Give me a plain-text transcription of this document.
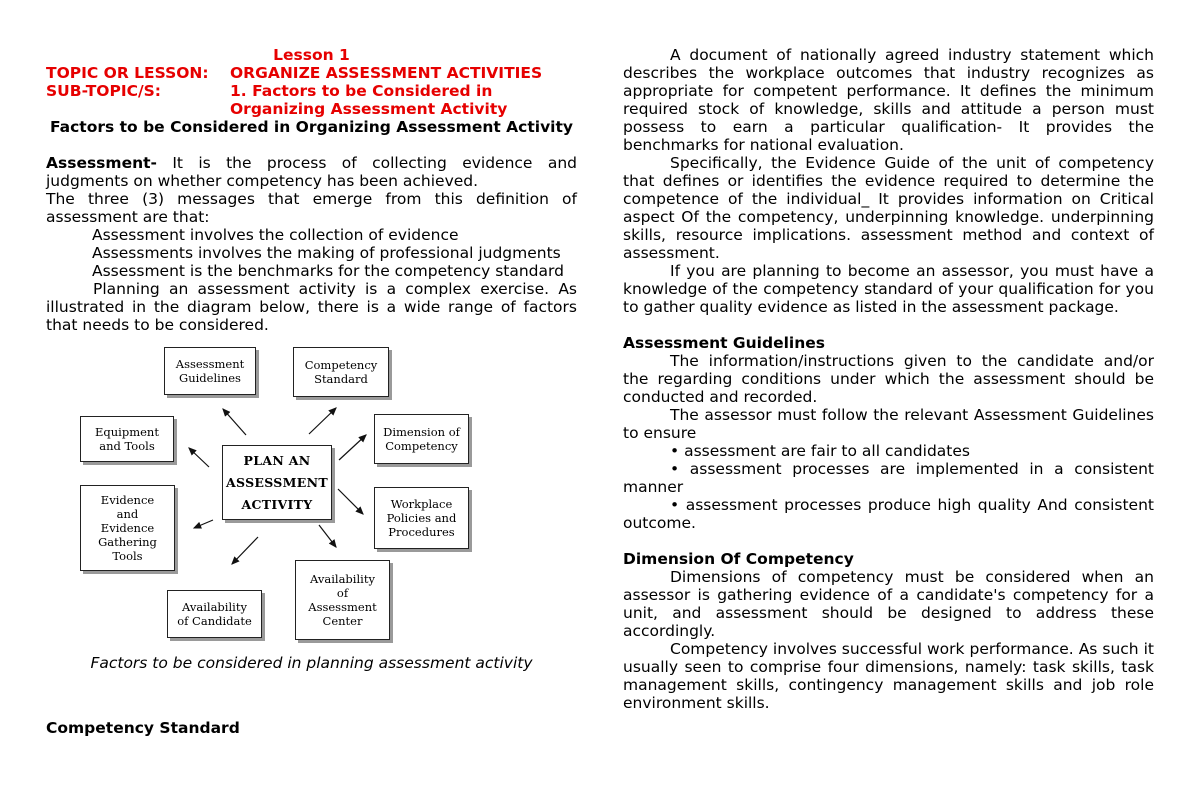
Lesson 1

TOPIC OR LESSON:	ORGANIZE ASSESSMENT ACTIVITIES
SUB-TOPIC/S:	1. Factors to be Considered in
Organizing Assessment Activity

Factors to be Considered in Organizing Assessment Activity

Assessment- It is the process of collecting evidence and judgments on whether competency has been achieved.

The three (3) messages that emerge from this definition of assessment are that:

Assessment involves the collection of evidence

Assessments involves the making of professional judgments

Assessment is the benchmarks for the competency standard

Planning an assessment activity is a complex exercise. As illustrated in the diagram below, there is a wide range of factors that needs to be considered.

PLAN AN
ASSESSMENT
ACTIVITY
Assessment
Guidelines
Competency
Standard
Dimension of
Competency
Workplace
Policies and
Procedures
Availability
of
Assessment
Center
Availability
of Candidate
Evidence
and
Evidence
Gathering
Tools
Equipment
and Tools

Factors to be considered in planning assessment activity

Competency Standard

A document of nationally agreed industry statement which describes the workplace outcomes that industry recognizes as appropriate for competent performance. It defines the minimum required stock of knowledge, skills and attitude a person must possess to earn a particular qualification- It provides the benchmarks for national evaluation.

Specifically, the Evidence Guide of the unit of competency that defines or identifies the evidence required to determine the competence of the individual_ It provides information on Critical aspect Of the competency, underpinning knowledge. underpinning skills, resource implications. assessment method and context of assessment.

If you are planning to become an assessor, you must have a knowledge of the competency standard of your qualification for you to gather quality evidence as listed in the assessment package.

Assessment Guidelines

The information/instructions given to the candidate and/or the regarding conditions under which the assessment should be conducted and recorded.

The assessor must follow the relevant Assessment Guidelines to ensure

• assessment are fair to all candidates

• assessment processes are implemented in a consistent manner

• assessment processes produce high quality And consistent outcome.

Dimension Of Competency

Dimensions of competency must be considered when an assessor is gathering evidence of a candidate's competency for a unit, and assessment should be designed to address these accordingly.

Competency involves successful work performance. As such it usually seen to comprise four dimensions, namely: task skills, task management skills, contingency management skills and job role environment skills.
